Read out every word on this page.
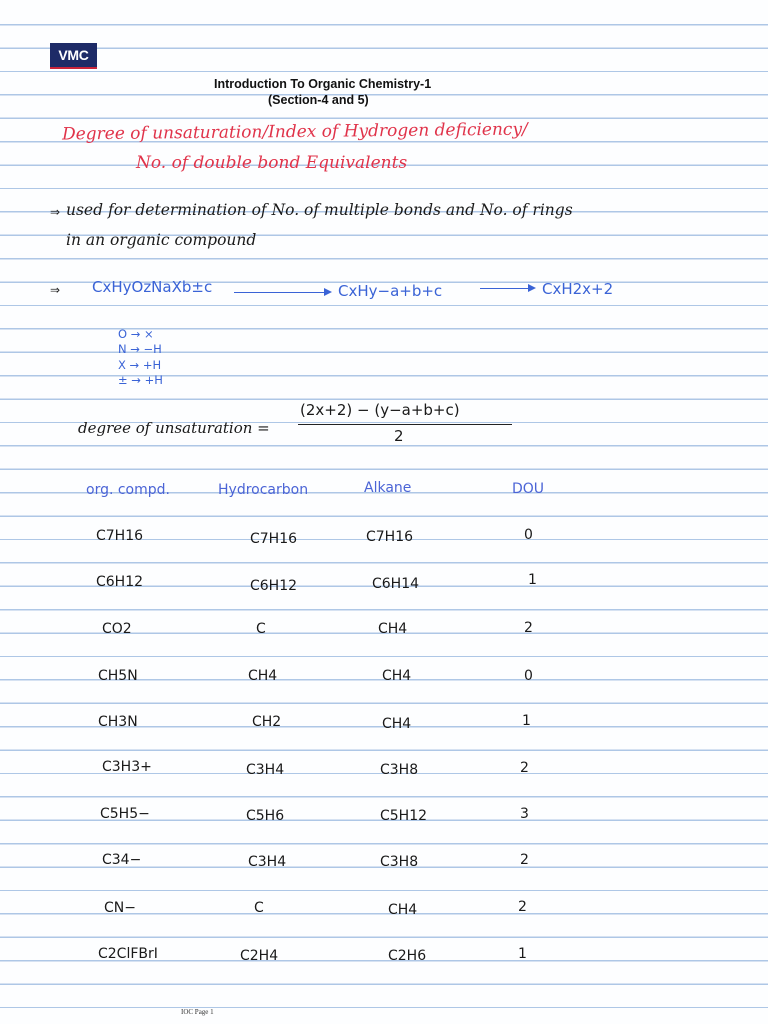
VMC
Introduction To Organic Chemistry-1
(Section-4 and 5)
Degree of unsaturation/Index of Hydrogen deficiency/
No. of double bond Equivalents
⇒ used for determination of No. of multiple bonds and No. of rings
in an organic compound
⇒ CxHyOzNaXb±c	CxHy−a+b+c	CxH2x+2
O → ×
N → −H
X → +H
± → +H
degree of unsaturation =
(2x+2) − (y−a+b+c)
2
org. compd.	Hydrocarbon	Alkane	DOU
C7H16	C7H16	C7H16	0
C6H12	C6H12	C6H14	1
CO2	C	CH4	2
CH5N	CH4	CH4	0
CH3N	CH2	CH4	1
C3H3+	C3H4	C3H8	2
C5H5−	C5H6	C5H12	3
C34−	C3H4	C3H8	2
CN−	C	CH4	2
C2ClFBrI	C2H4	C2H6	1
IOC Page 1
